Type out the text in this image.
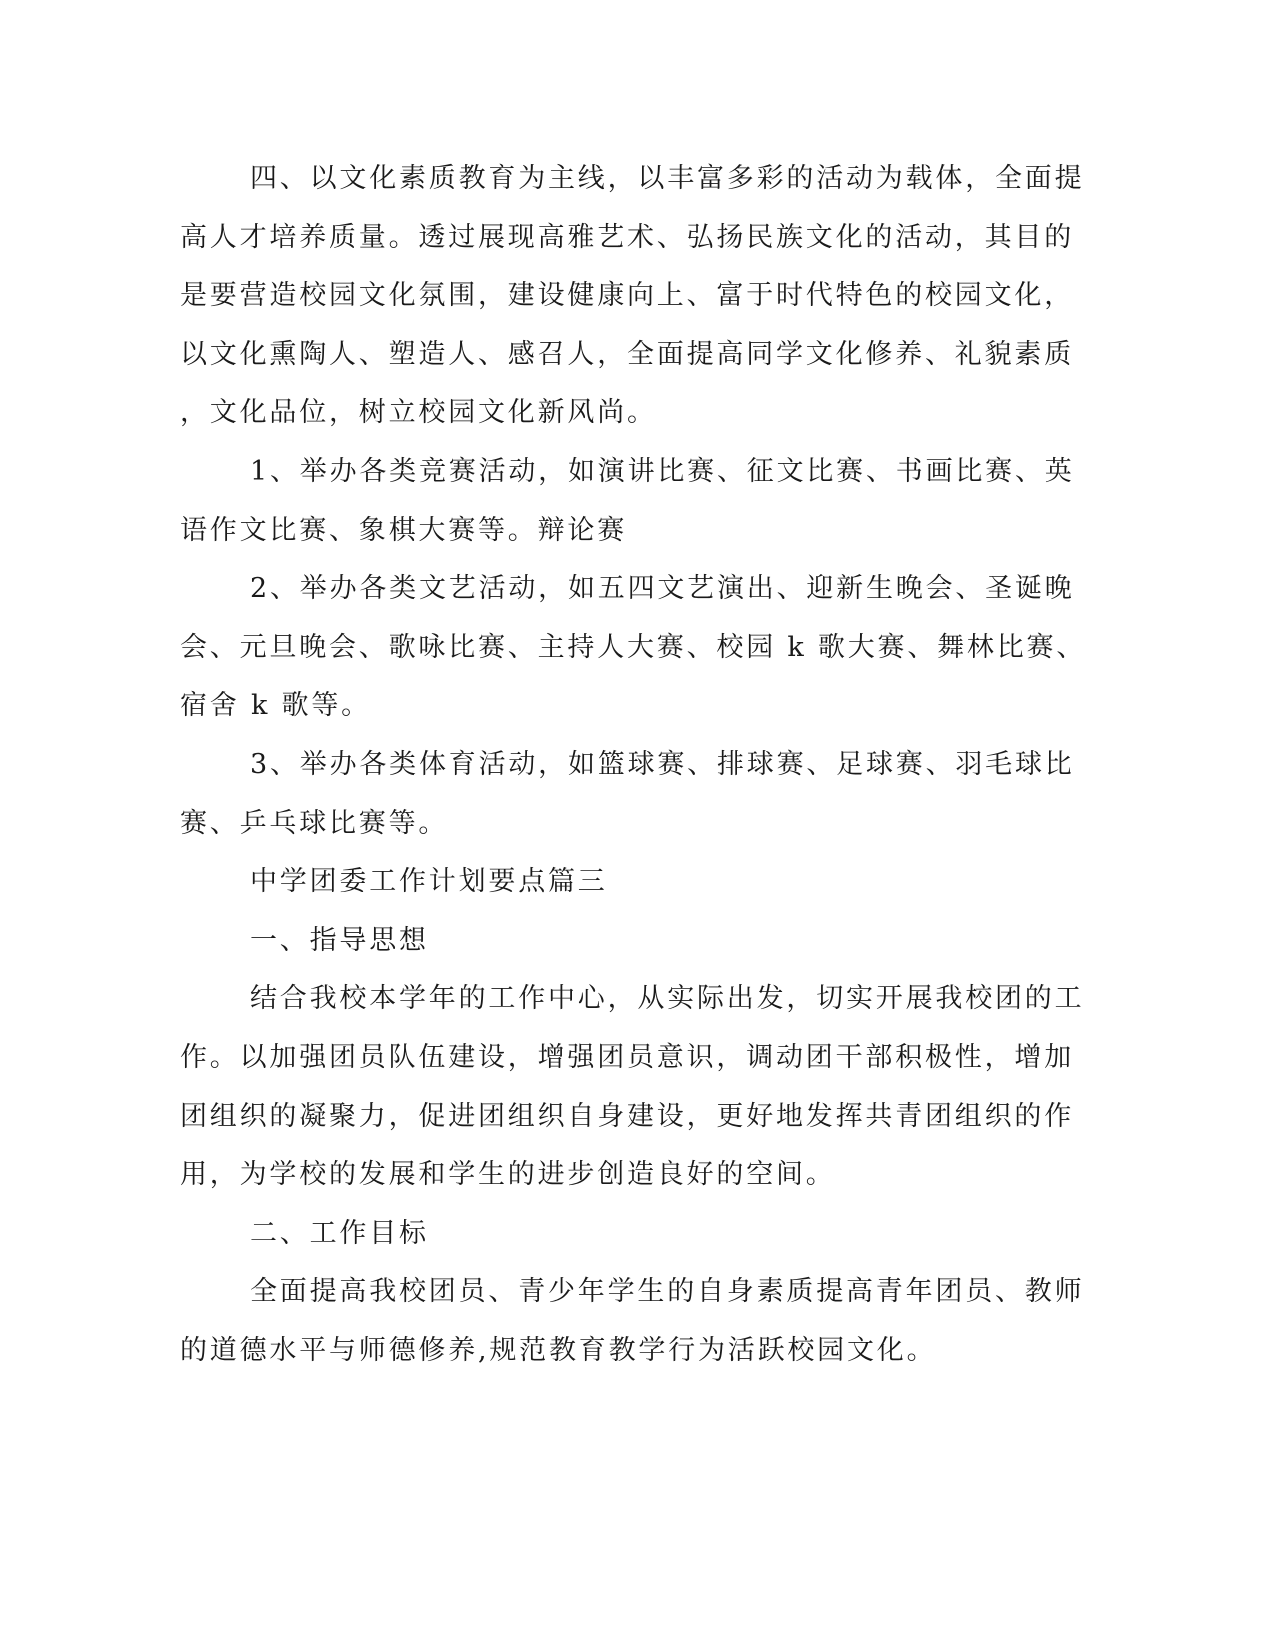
四、以文化素质教育为主线，以丰富多彩的活动为载体，全面提
高人才培养质量。透过展现高雅艺术、弘扬民族文化的活动，其目的
是要营造校园文化氛围，建设健康向上、富于时代特色的校园文化，
以文化熏陶人、塑造人、感召人，全面提高同学文化修养、礼貌素质
，文化品位，树立校园文化新风尚。
1、举办各类竞赛活动，如演讲比赛、征文比赛、书画比赛、英
语作文比赛、象棋大赛等。辩论赛
2、举办各类文艺活动，如五四文艺演出、迎新生晚会、圣诞晚
会、元旦晚会、歌咏比赛、主持人大赛、校园 k 歌大赛、舞林比赛、
宿舍 k 歌等。
3、举办各类体育活动，如篮球赛、排球赛、足球赛、羽毛球比
赛、乒乓球比赛等。
中学团委工作计划要点篇三
一、指导思想
结合我校本学年的工作中心，从实际出发，切实开展我校团的工
作。以加强团员队伍建设，增强团员意识，调动团干部积极性，增加
团组织的凝聚力，促进团组织自身建设，更好地发挥共青团组织的作
用，为学校的发展和学生的进步创造良好的空间。
二、工作目标
全面提高我校团员、青少年学生的自身素质提高青年团员、教师
的道德水平与师德修养,规范教育教学行为活跃校园文化。
